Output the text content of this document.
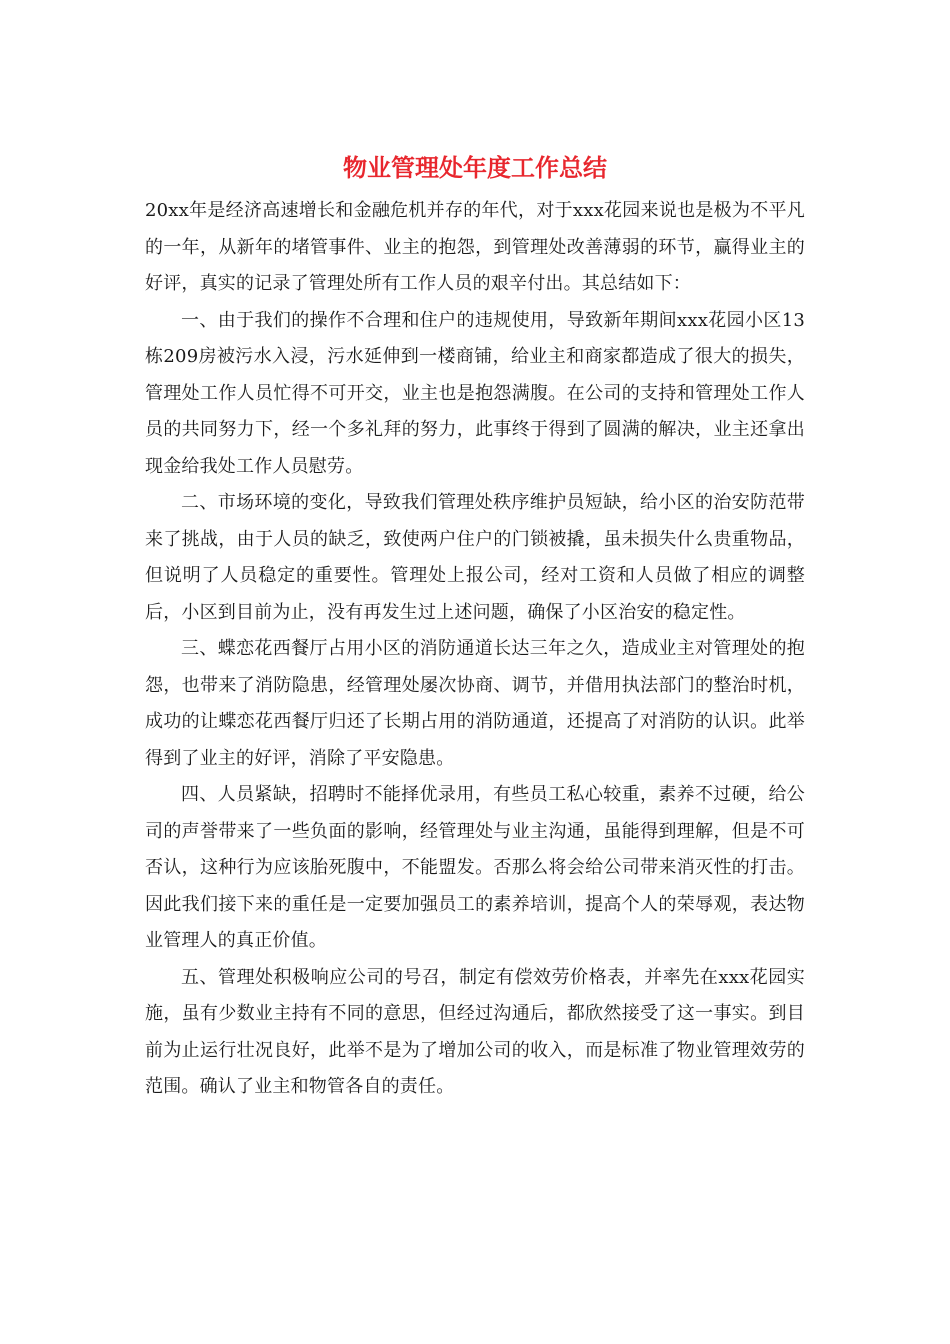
物业管理处年度工作总结

20xx年是经济高速增长和金融危机并存的年代，对于xxx花园来说也是极为不平凡的一年，从新年的堵管事件、业主的抱怨，到管理处改善薄弱的环节，赢得业主的好评，真实的记录了管理处所有工作人员的艰辛付出。其总结如下：

一、由于我们的操作不合理和住户的违规使用，导致新年期间xxx花园小区13栋209房被污水入浸，污水延伸到一楼商铺，给业主和商家都造成了很大的损失，管理处工作人员忙得不可开交，业主也是抱怨满腹。在公司的支持和管理处工作人员的共同努力下，经一个多礼拜的努力，此事终于得到了圆满的解决，业主还拿出现金给我处工作人员慰劳。

二、市场环境的变化，导致我们管理处秩序维护员短缺，给小区的治安防范带来了挑战，由于人员的缺乏，致使两户住户的门锁被撬，虽未损失什么贵重物品，但说明了人员稳定的重要性。管理处上报公司，经对工资和人员做了相应的调整后，小区到目前为止，没有再发生过上述问题，确保了小区治安的稳定性。

三、蝶恋花西餐厅占用小区的消防通道长达三年之久，造成业主对管理处的抱怨，也带来了消防隐患，经管理处屡次协商、调节，并借用执法部门的整治时机，成功的让蝶恋花西餐厅归还了长期占用的消防通道，还提高了对消防的认识。此举得到了业主的好评，消除了平安隐患。

四、人员紧缺，招聘时不能择优录用，有些员工私心较重，素养不过硬，给公司的声誉带来了一些负面的影响，经管理处与业主沟通，虽能得到理解，但是不可否认，这种行为应该胎死腹中，不能盟发。否那么将会给公司带来消灭性的打击。因此我们接下来的重任是一定要加强员工的素养培训，提高个人的荣辱观，表达物业管理人的真正价值。

五、管理处积极响应公司的号召，制定有偿效劳价格表，并率先在xxx花园实施，虽有少数业主持有不同的意思，但经过沟通后，都欣然接受了这一事实。到目前为止运行壮况良好，此举不是为了增加公司的收入，而是标准了物业管理效劳的范围。确认了业主和物管各自的责任。
